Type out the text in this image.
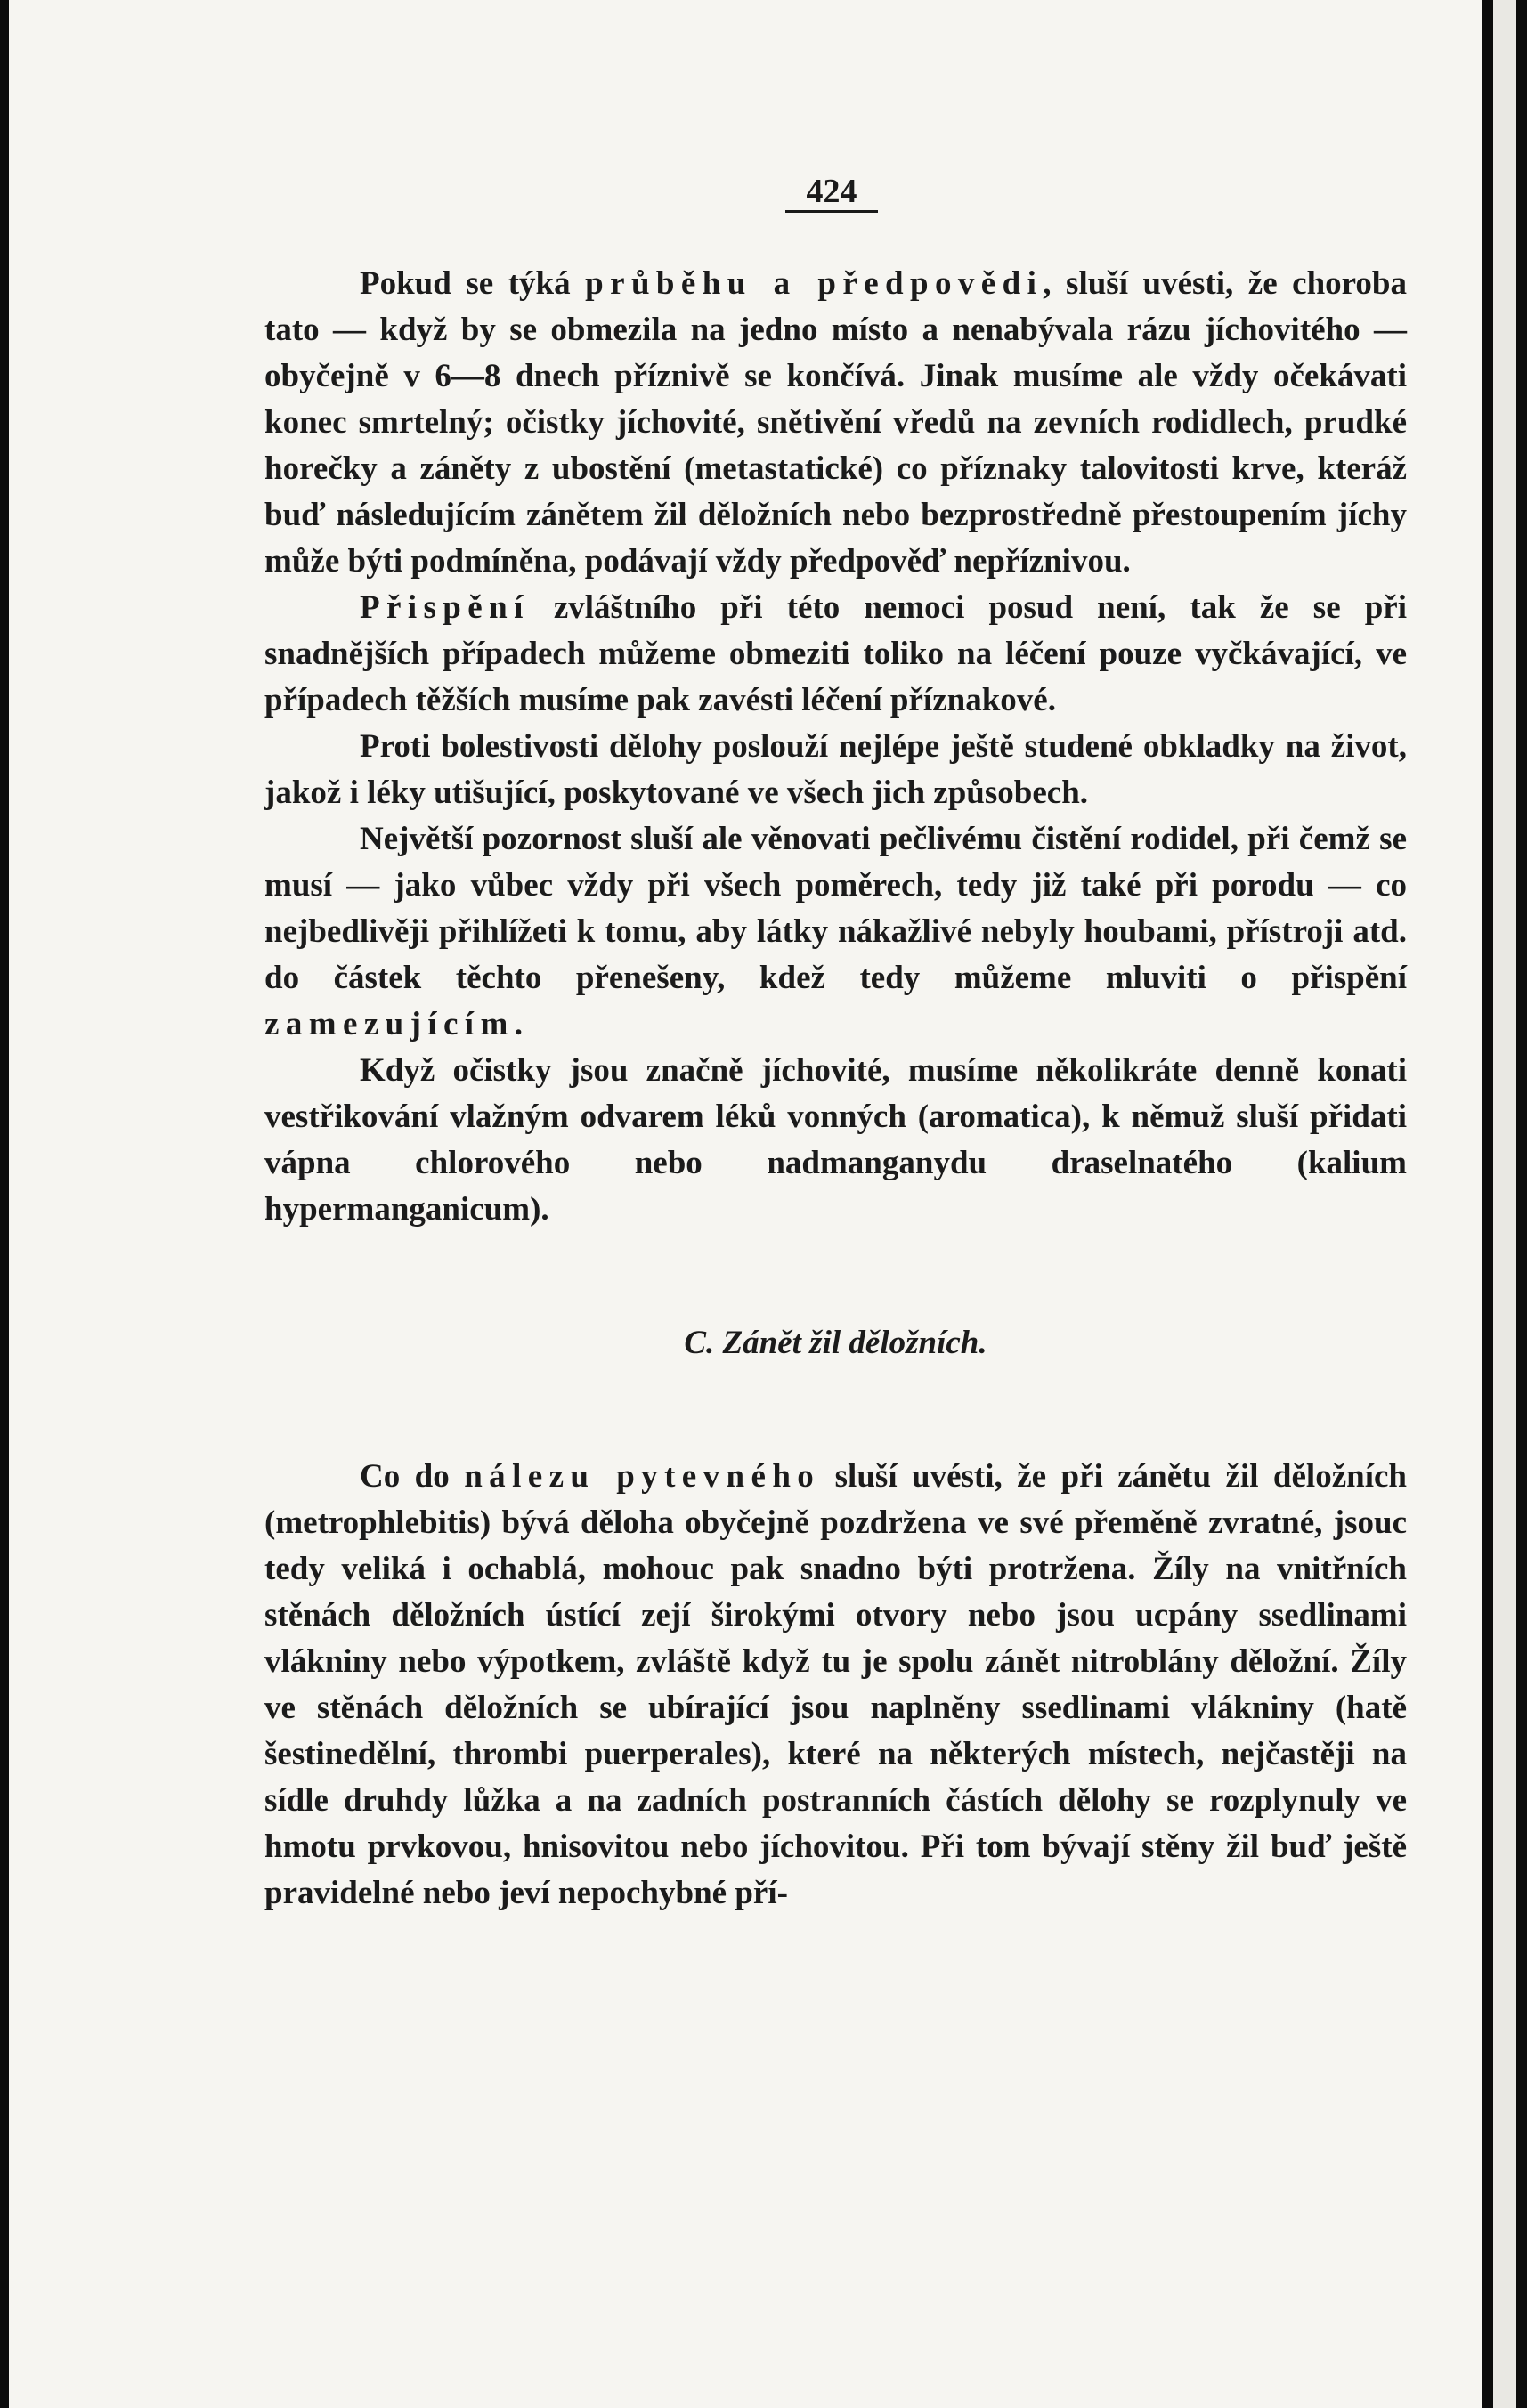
424

Pokud se týká průběhu a předpovědi, sluší uvésti, že choroba tato — když by se obmezila na jedno místo a nenabývala rázu jíchovitého — obyčejně v 6—8 dnech příznivě se končívá. Jinak musíme ale vždy očekávati konec smrtelný; očistky jíchovité, snětivění vředů na zevních rodidlech, prudké horečky a záněty z ubostění (metastatické) co příznaky talovitosti krve, kteráž buď následujícím zánětem žil děložních nebo bezprostředně přestoupením jíchy může býti podmíněna, podávají vždy předpověď nepříznivou.

Přispění zvláštního při této nemoci posud není, tak že se při snadnějších případech můžeme obmeziti toliko na léčení pouze vyčkávající, ve případech těžších musíme pak zavésti léčení příznakové.

Proti bolestivosti dělohy poslouží nejlépe ještě studené obkladky na život, jakož i léky utišující, poskytované ve všech jich způsobech.

Největší pozornost sluší ale věnovati pečlivému čistění rodidel, při čemž se musí — jako vůbec vždy při všech poměrech, tedy již také při porodu — co nejbedlivěji přihlížeti k tomu, aby látky nákažlivé nebyly houbami, přístroji atd. do částek těchto přenešeny, kdež tedy můžeme mluviti o přispění zamezujícím.

Když očistky jsou značně jíchovité, musíme několikráte denně konati vestřikování vlažným odvarem léků vonných (aromatica), k němuž sluší přidati vápna chlorového nebo nadmanganydu draselnatého (kalium hypermanganicum).

C. Zánět žil děložních.

Co do nálezu pytevného sluší uvésti, že při zánětu žil děložních (metrophlebitis) bývá děloha obyčejně pozdržena ve své přeměně zvratné, jsouc tedy veliká i ochablá, mohouc pak snadno býti protržena. Žíly na vnitřních stěnách děložních ústící zejí širokými otvory nebo jsou ucpány ssedlinami vlákniny nebo výpotkem, zvláště když tu je spolu zánět nitroblány děložní. Žíly ve stěnách děložních se ubírající jsou naplněny ssedlinami vlákniny (hatě šestinedělní, thrombi puerperales), které na některých místech, nejčastěji na sídle druhdy lůžka a na zadních postranních částích dělohy se rozplynuly ve hmotu prvkovou, hnisovitou nebo jíchovitou. Při tom bývají stěny žil buď ještě pravidelné nebo jeví nepochybné pří-
